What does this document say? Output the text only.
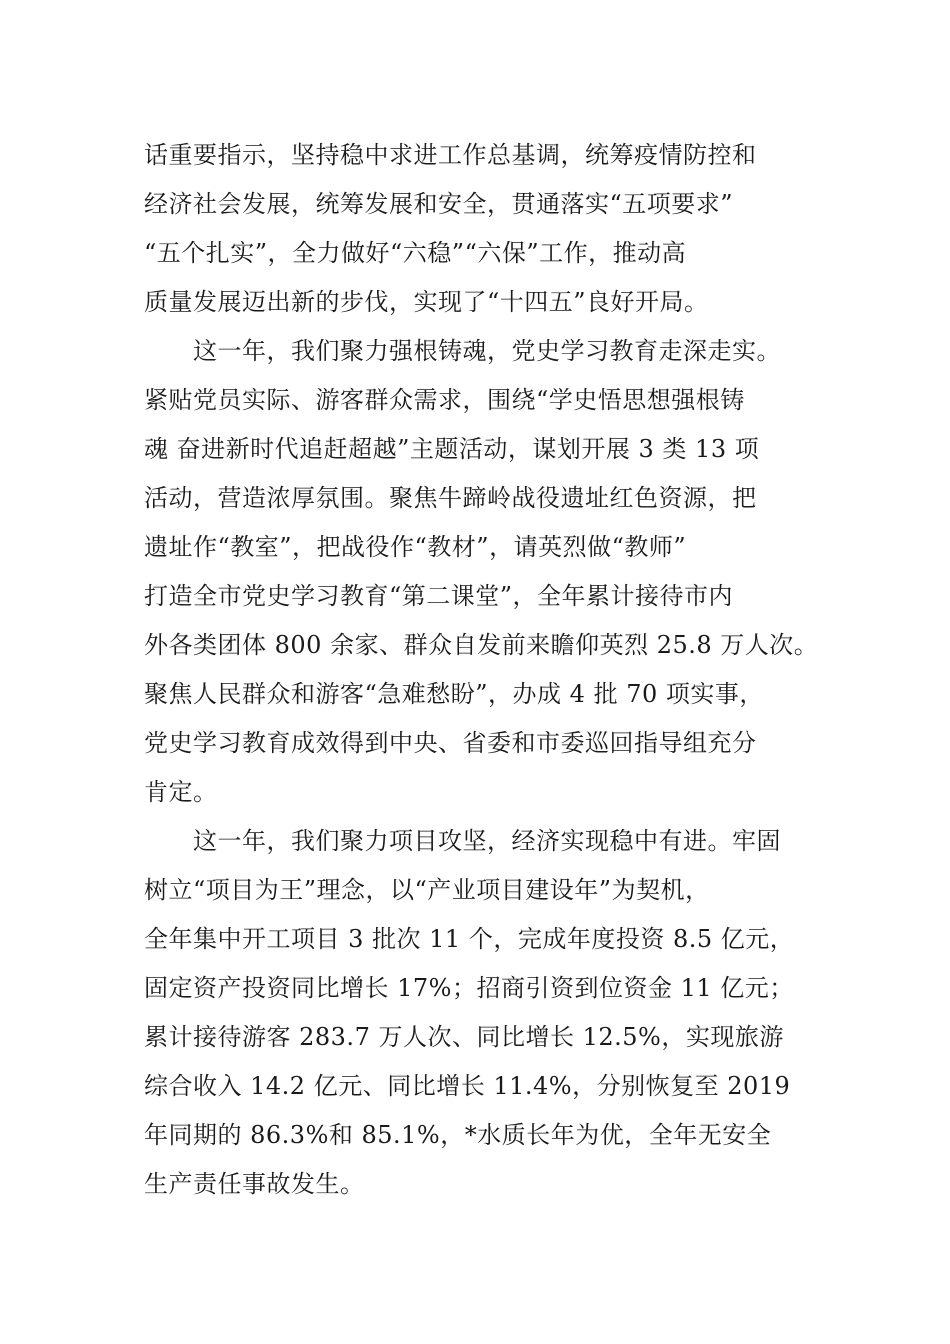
话重要指示，坚持稳中求进工作总基调，统筹疫情防控和
经济社会发展，统筹发展和安全，贯通落实“五项要求”
“五个扎实”，全力做好“六稳”“六保”工作，推动高
质量发展迈出新的步伐，实现了“十四五”良好开局。
　　这一年，我们聚力强根铸魂，党史学习教育走深走实。
紧贴党员实际、游客群众需求，围绕“学史悟思想强根铸
魂 奋进新时代追赶超越”主题活动，谋划开展 3 类 13 项
活动，营造浓厚氛围。聚焦牛蹄岭战役遗址红色资源，把
遗址作“教室”，把战役作“教材”，请英烈做“教师”
打造全市党史学习教育“第二课堂”，全年累计接待市内
外各类团体 800 余家、群众自发前来瞻仰英烈 25.8 万人次。
聚焦人民群众和游客“急难愁盼”，办成 4 批 70 项实事，
党史学习教育成效得到中央、省委和市委巡回指导组充分
肯定。
　　这一年，我们聚力项目攻坚，经济实现稳中有进。牢固
树立“项目为王”理念，以“产业项目建设年”为契机，
全年集中开工项目 3 批次 11 个，完成年度投资 8.5 亿元，
固定资产投资同比增长 17%；招商引资到位资金 11 亿元；
累计接待游客 283.7 万人次、同比增长 12.5%，实现旅游
综合收入 14.2 亿元、同比增长 11.4%，分别恢复至 2019
年同期的 86.3%和 85.1%，*水质长年为优，全年无安全
生产责任事故发生。
